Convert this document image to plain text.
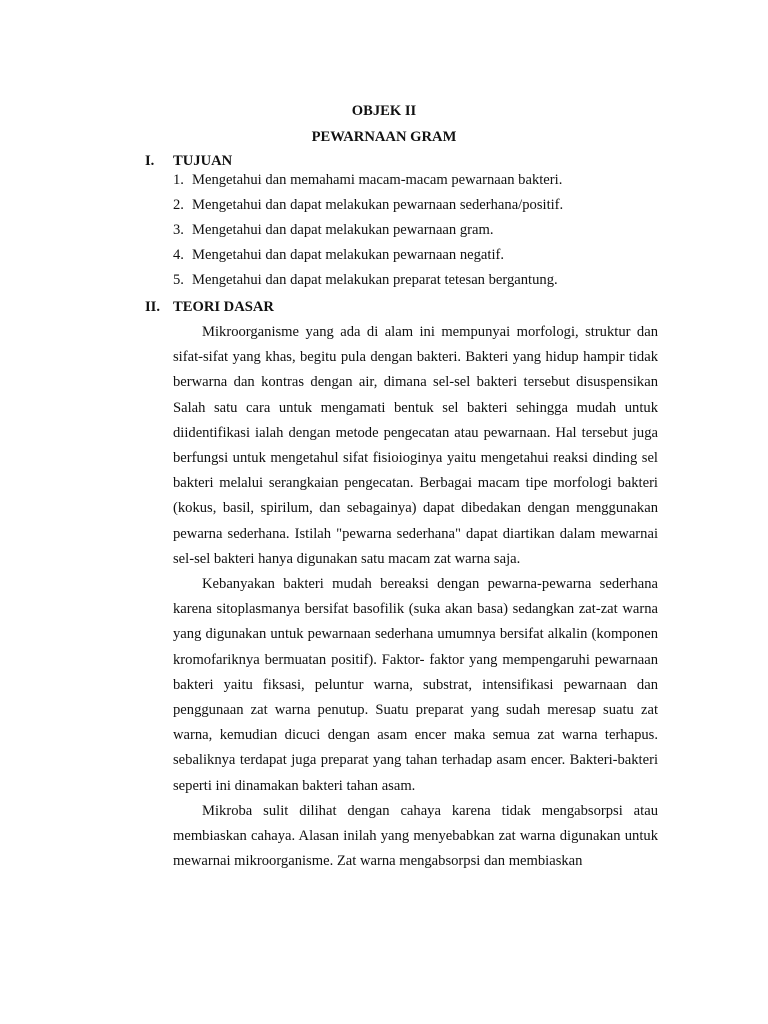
OBJEK II
PEWARNAAN GRAM
I. TUJUAN
1. Mengetahui dan memahami macam-macam pewarnaan bakteri.
2. Mengetahui dan dapat melakukan pewarnaan sederhana/positif.
3. Mengetahui dan dapat melakukan pewarnaan gram.
4. Mengetahui dan dapat melakukan pewarnaan negatif.
5. Mengetahui dan dapat melakukan preparat tetesan bergantung.
II. TEORI DASAR

Mikroorganisme yang ada di alam ini mempunyai morfologi, struktur dan sifat-sifat yang khas, begitu pula dengan bakteri. Bakteri yang hidup hampir tidak berwarna dan kontras dengan air, dimana sel-sel bakteri tersebut disuspensikan Salah satu cara untuk mengamati bentuk sel bakteri sehingga mudah untuk diidentifikasi ialah dengan metode pengecatan atau pewarnaan. Hal tersebut juga berfungsi untuk mengetahul sifat fisioioginya yaitu mengetahui reaksi dinding sel bakteri melalui serangkaian pengecatan. Berbagai macam tipe morfologi bakteri (kokus, basil, spirilum, dan sebagainya) dapat dibedakan dengan menggunakan pewarna sederhana. Istilah "pewarna sederhana" dapat diartikan dalam mewarnai sel-sel bakteri hanya digunakan satu macam zat warna saja.

Kebanyakan bakteri mudah bereaksi dengan pewarna-pewarna sederhana karena sitoplasmanya bersifat basofilik (suka akan basa) sedangkan zat-zat warna yang digunakan untuk pewarnaan sederhana umumnya bersifat alkalin (komponen kromofariknya bermuatan positif). Faktor- faktor yang mempengaruhi pewarnaan bakteri yaitu fiksasi, peluntur warna, substrat, intensifikasi pewarnaan dan penggunaan zat warna penutup. Suatu preparat yang sudah meresap suatu zat warna, kemudian dicuci dengan asam encer maka semua zat warna terhapus. sebaliknya terdapat juga preparat yang tahan terhadap asam encer. Bakteri-bakteri seperti ini dinamakan bakteri tahan asam.

Mikroba sulit dilihat dengan cahaya karena tidak mengabsorpsi atau membiaskan cahaya. Alasan inilah yang menyebabkan zat warna digunakan untuk mewarnai mikroorganisme. Zat warna mengabsorpsi dan membiaskan
